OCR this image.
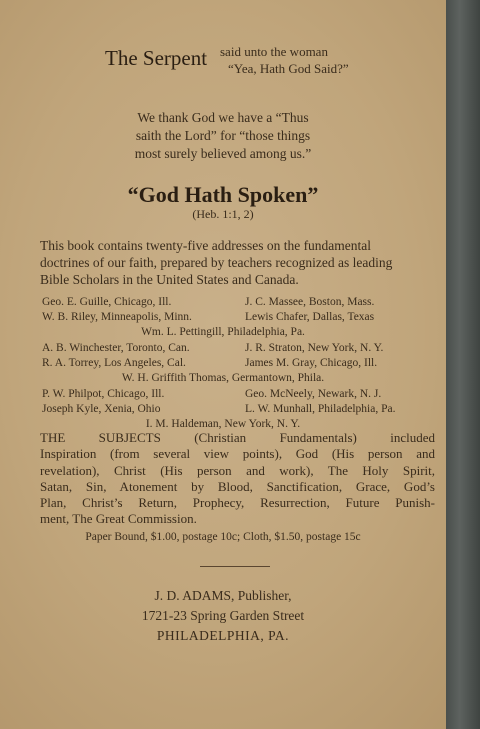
The Serpent said unto the woman
“Yea, Hath God Said?”
We thank God we have a “Thus
saith the Lord” for “those things
most surely believed among us.”
“God Hath Spoken”
(Heb. 1:1, 2)
This book contains twenty-five addresses on the fundamental
doctrines of our faith, prepared by teachers recognized as leading
Bible Scholars in the United States and Canada.
Geo. E. Guille, Chicago, Ill.	J. C. Massee, Boston, Mass.
W. B. Riley, Minneapolis, Minn.	Lewis Chafer, Dallas, Texas
Wm. L. Pettingill, Philadelphia, Pa.
A. B. Winchester, Toronto, Can.	J. R. Straton, New York, N. Y.
R. A. Torrey, Los Angeles, Cal.	James M. Gray, Chicago, Ill.
W. H. Griffith Thomas, Germantown, Phila.
P. W. Philpot, Chicago, Ill.	Geo. McNeely, Newark, N. J.
Joseph Kyle, Xenia, Ohio	L. W. Munhall, Philadelphia, Pa.
I. M. Haldeman, New York, N. Y.
THE SUBJECTS (Christian Fundamentals) included
Inspiration (from several view points), God (His person and
revelation), Christ (His person and work), The Holy Spirit,
Satan, Sin, Atonement by Blood, Sanctification, Grace, God’s
Plan, Christ’s Return, Prophecy, Resurrection, Future Punish-
ment, The Great Commission.
Paper Bound, $1.00, postage 10c; Cloth, $1.50, postage 15c
J. D. ADAMS, Publisher,
1721-23 Spring Garden Street
PHILADELPHIA, PA.
